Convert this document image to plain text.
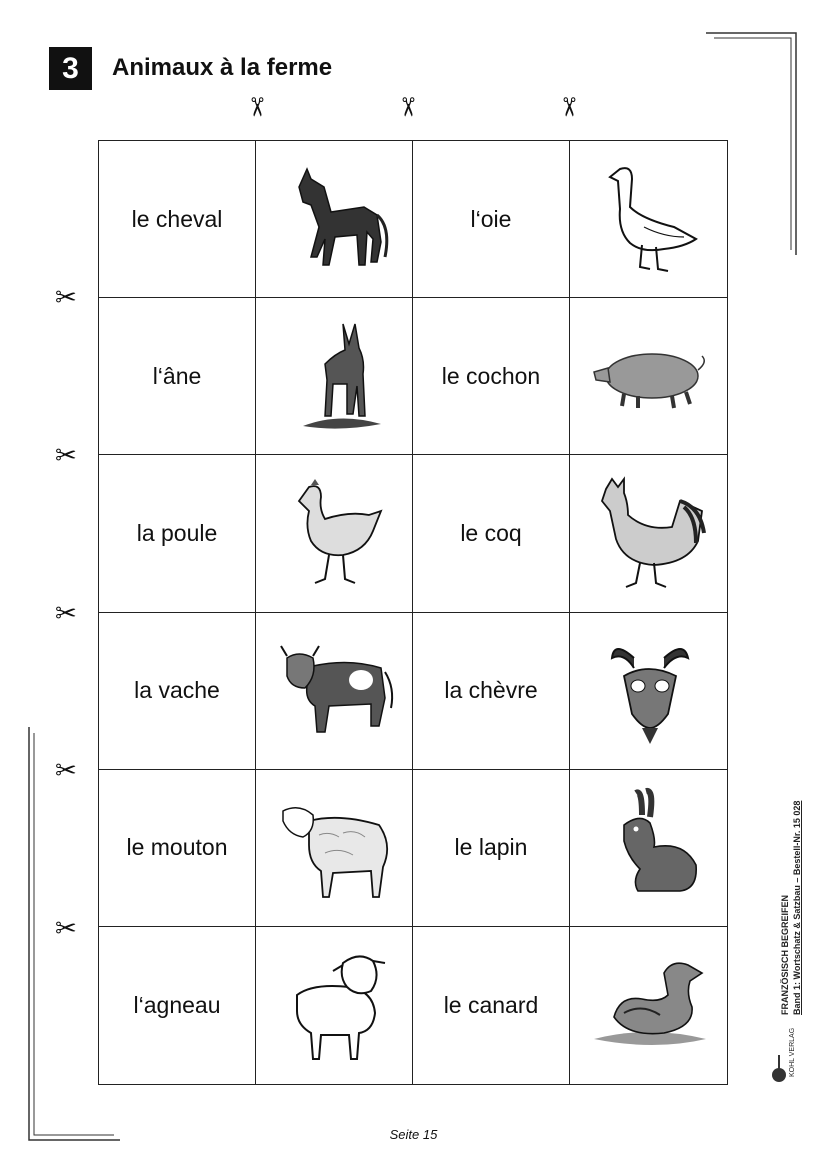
3	Animaux à la ferme
✂	✂	✂
✂
✂
✂
✂
✂
le cheval	l‘oie
l‘âne	le cochon
la poule	le coq
la vache	la chèvre
le mouton	le lapin
l‘agneau	le canard	FRANZÖSISCH BEGREIFEN Band 1: Wortschatz & Satzbau – Bestell-Nr. 15 028
KOHL VERLAG
Seite 15
